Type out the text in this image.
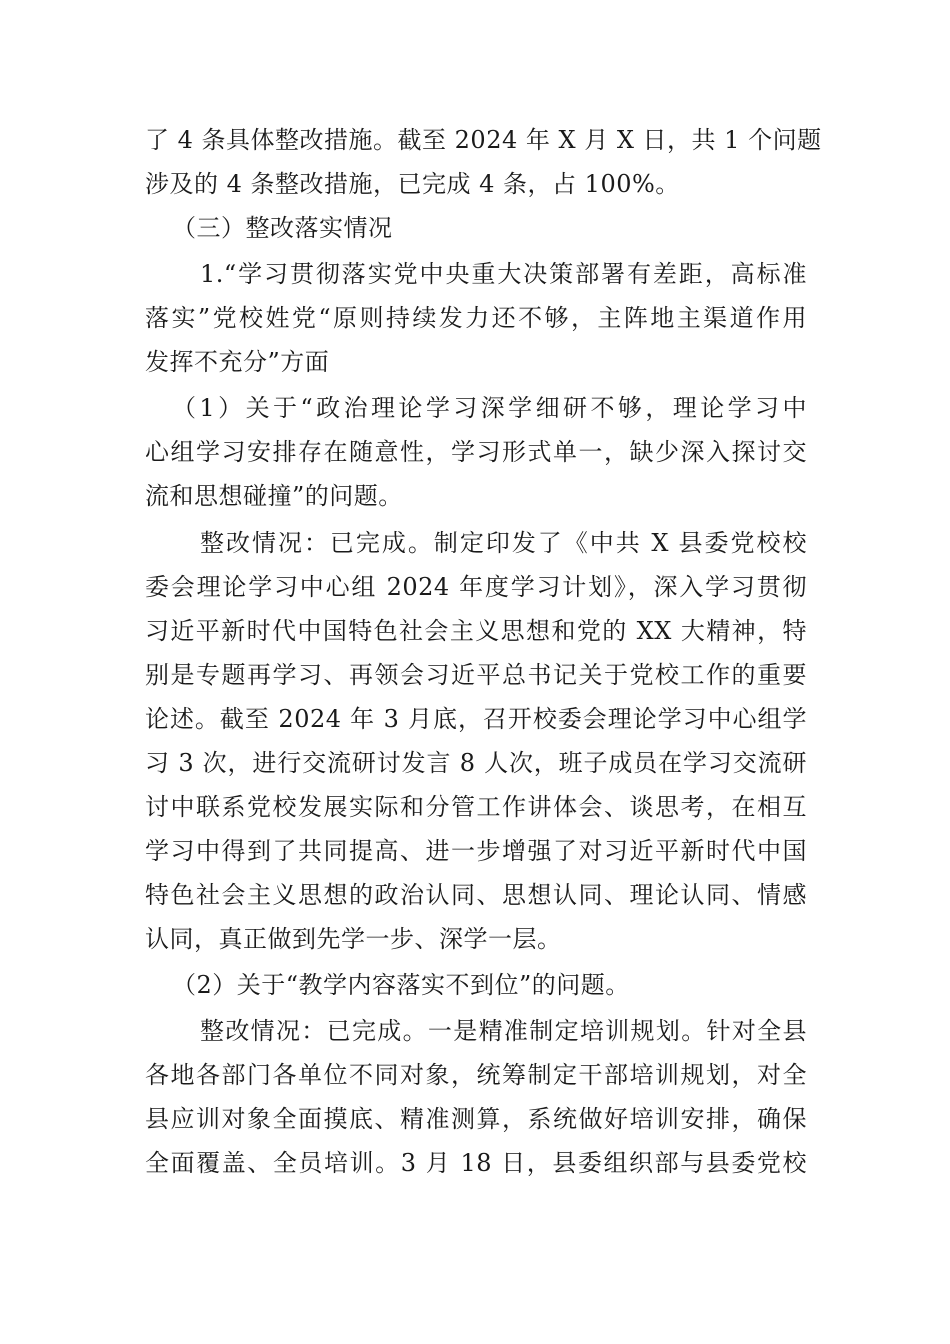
了 4 条具体整改措施。截至 2024 年 X 月 X 日，共 1 个问题
涉及的 4 条整改措施，已完成 4 条，占 100%。
（三）整改落实情况
1.“学习贯彻落实党中央重大决策部署有差距，高标准
落实”党校姓党“原则持续发力还不够，主阵地主渠道作用
发挥不充分”方面
（1）关于“政治理论学习深学细研不够，理论学习中
心组学习安排存在随意性，学习形式单一，缺少深入探讨交
流和思想碰撞”的问题。
整改情况：已完成。制定印发了《中共 X 县委党校校
委会理论学习中心组 2024 年度学习计划》，深入学习贯彻
习近平新时代中国特色社会主义思想和党的 XX 大精神，特
别是专题再学习、再领会习近平总书记关于党校工作的重要
论述。截至 2024 年 3 月底，召开校委会理论学习中心组学
习 3 次，进行交流研讨发言 8 人次，班子成员在学习交流研
讨中联系党校发展实际和分管工作讲体会、谈思考，在相互
学习中得到了共同提高、进一步增强了对习近平新时代中国
特色社会主义思想的政治认同、思想认同、理论认同、情感
认同，真正做到先学一步、深学一层。
（2）关于“教学内容落实不到位”的问题。
整改情况：已完成。一是精准制定培训规划。针对全县
各地各部门各单位不同对象，统筹制定干部培训规划，对全
县应训对象全面摸底、精准测算，系统做好培训安排，确保
全面覆盖、全员培训。3 月 18 日，县委组织部与县委党校
